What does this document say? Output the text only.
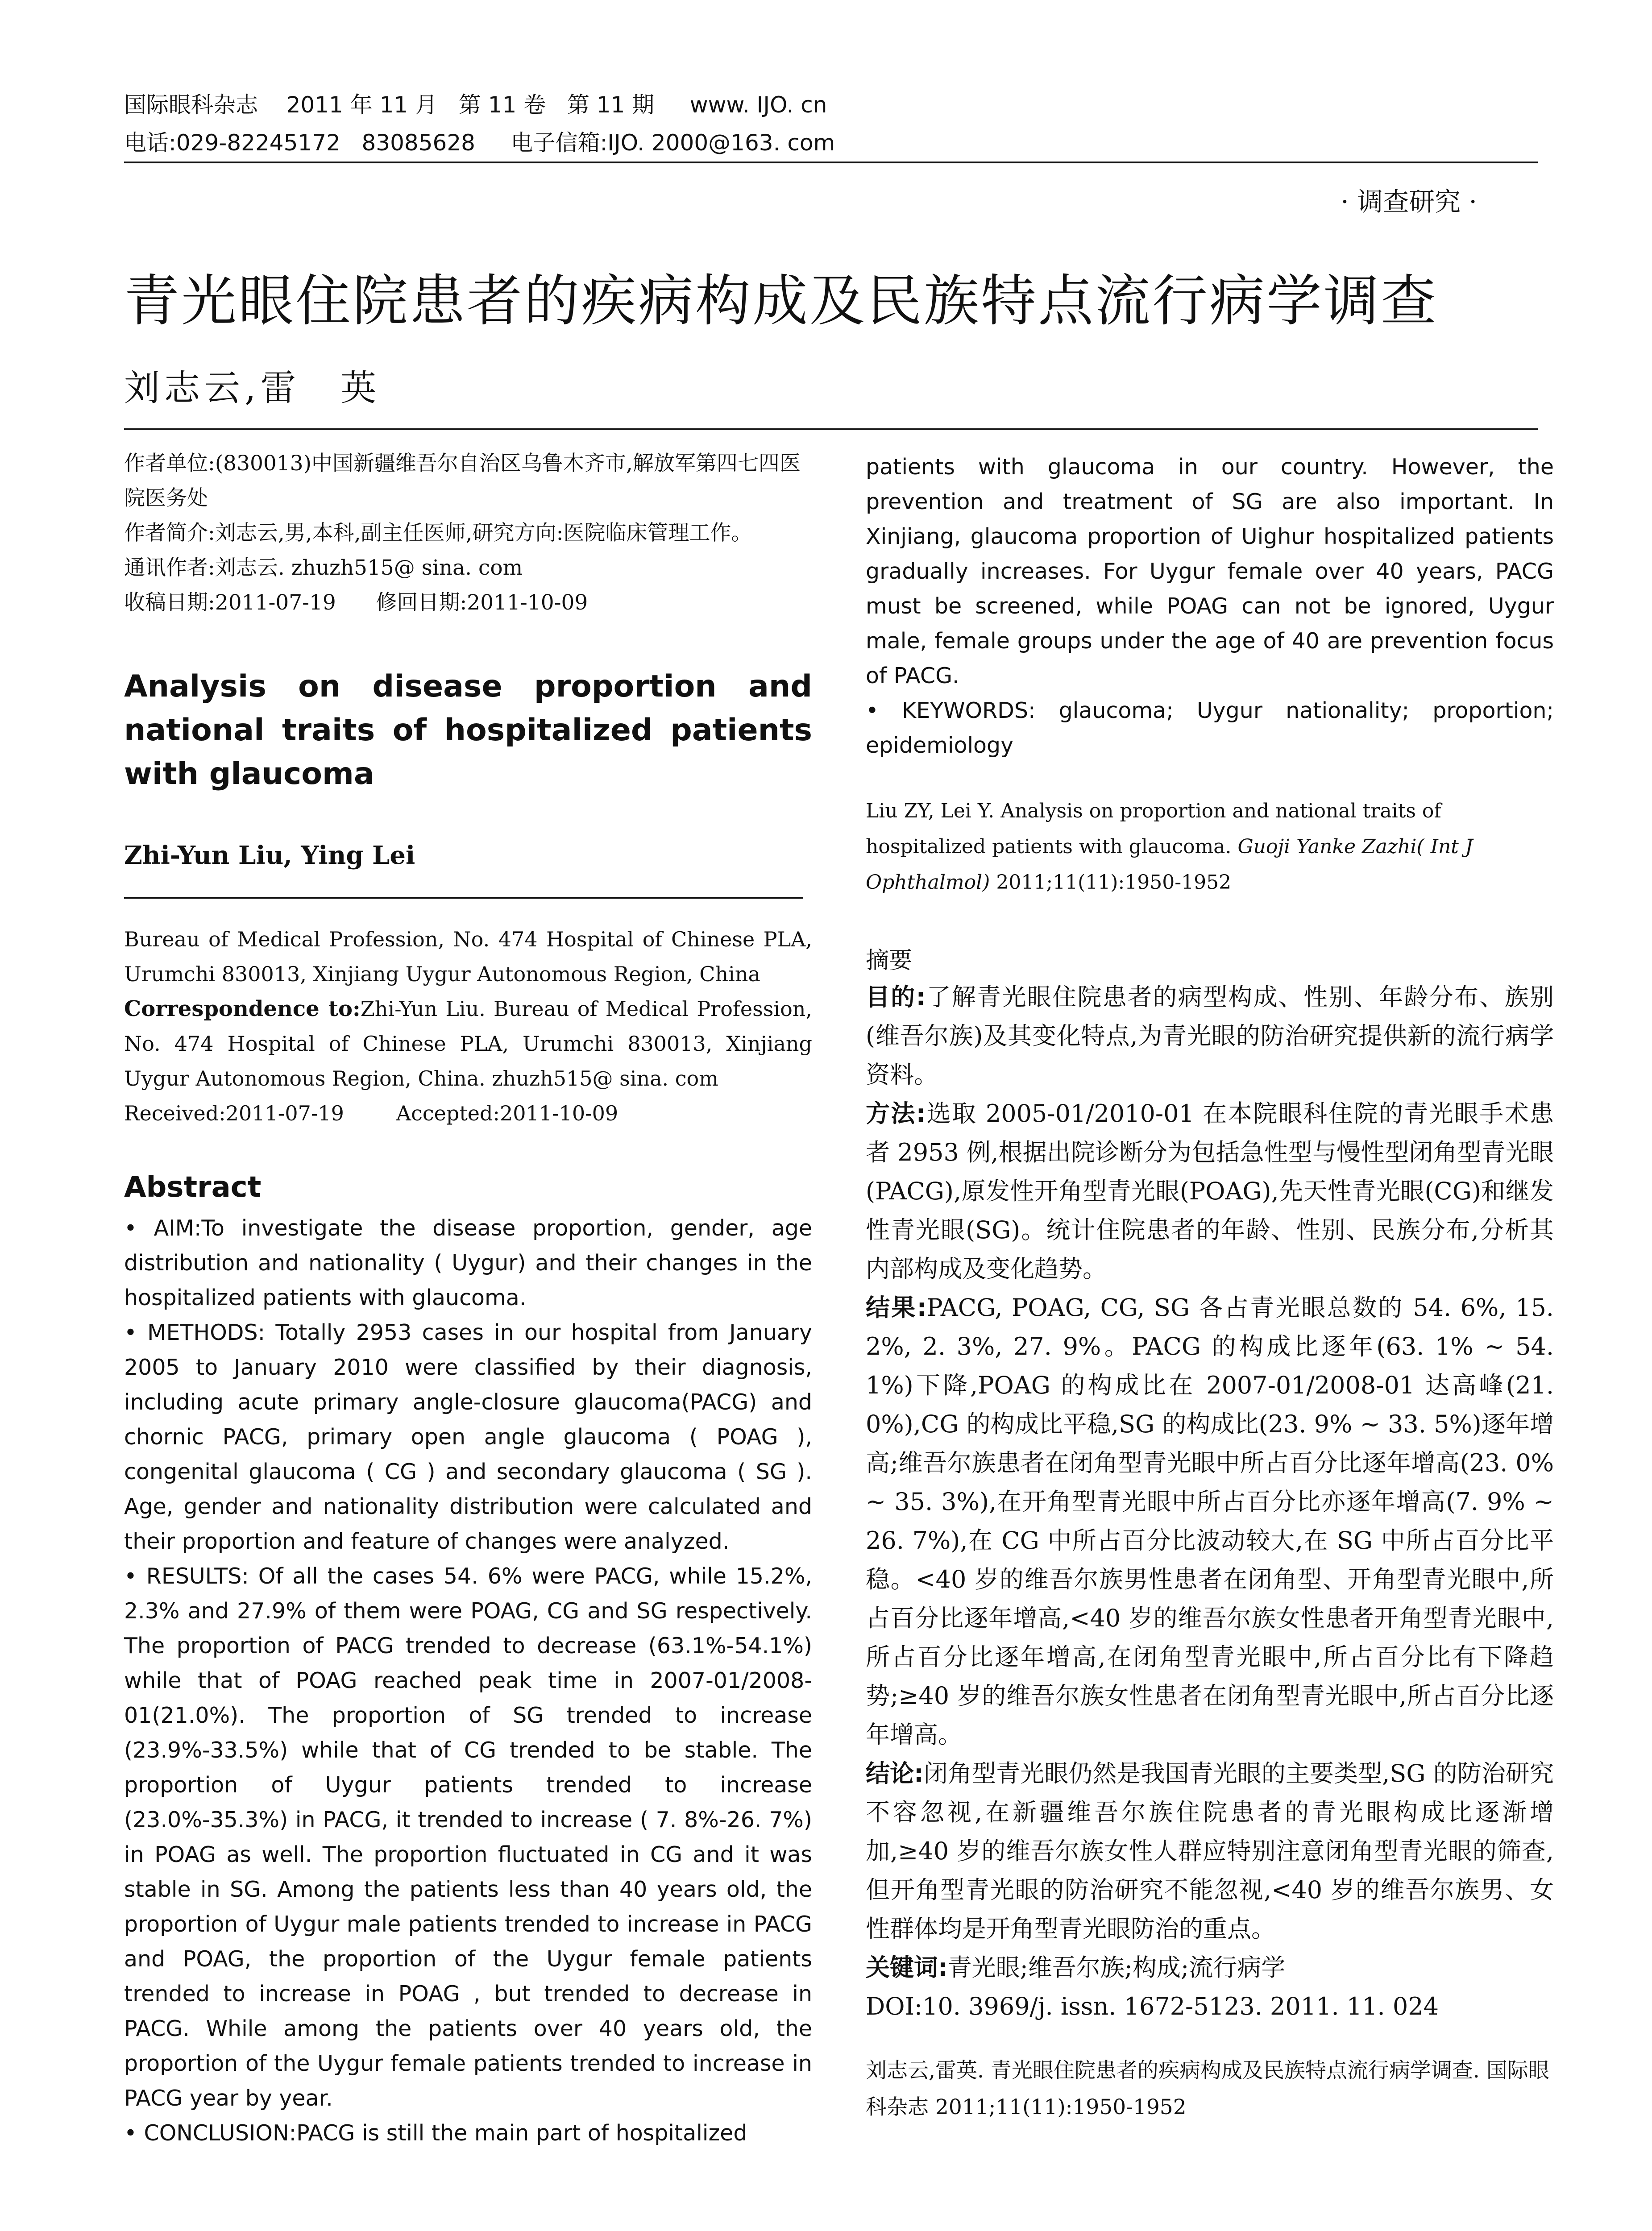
国际眼科杂志    2011 年 11 月   第 11 卷   第 11 期     www. IJO. cn
电话:029-82245172   83085628     电子信箱:IJO. 2000@163. com
· 调查研究 ·
青光眼住院患者的疾病构成及民族特点流行病学调查
刘志云,雷　英

作者单位:(830013)中国新疆维吾尔自治区乌鲁木齐市,解放军第四七四医院医务处

作者简介:刘志云,男,本科,副主任医师,研究方向:医院临床管理工作。

通讯作者:刘志云. zhuzh515@ sina. com

收稿日期:2011-07-19      修回日期:2011-10-09

Analysis on disease proportion and national traits of hospitalized patients with glaucoma
Zhi-Yun Liu, Ying Lei

Bureau of Medical Profession, No. 474 Hospital of Chinese PLA, Urumchi 830013, Xinjiang Uygur Autonomous Region, China

Correspondence to:Zhi-Yun Liu. Bureau of Medical Profession, No. 474 Hospital of Chinese PLA, Urumchi 830013, Xinjiang Uygur Autonomous Region, China. zhuzh515@ sina. com

Received:2011-07-19        Accepted:2011-10-09

Abstract

• AIM:To investigate the disease proportion, gender, age distribution and nationality ( Uygur) and their changes in the hospitalized patients with glaucoma.

• METHODS: Totally 2953 cases in our hospital from January 2005 to January 2010 were classified by their diagnosis, including acute primary angle-closure glaucoma(PACG) and chornic PACG, primary open angle glaucoma ( POAG ), congenital glaucoma ( CG ) and secondary glaucoma ( SG ). Age, gender and nationality distribution were calculated and their proportion and feature of changes were analyzed.

• RESULTS: Of all the cases 54. 6% were PACG, while 15.2%, 2.3% and 27.9% of them were POAG, CG and SG respectively. The proportion of PACG trended to decrease (63.1%-54.1%) while that of POAG reached peak time in 2007-01/2008-01(21.0%). The proportion of SG trended to increase (23.9%-33.5%) while that of CG trended to be stable. The proportion of Uygur patients trended to increase (23.0%-35.3%) in PACG, it trended to increase ( 7. 8%-26. 7%) in POAG as well. The proportion fluctuated in CG and it was stable in SG. Among the patients less than 40 years old, the proportion of Uygur male patients trended to increase in PACG and POAG, the proportion of the Uygur female patients trended to increase in POAG , but trended to decrease in PACG. While among the patients over 40 years old, the proportion of the Uygur female patients trended to increase in PACG year by year.

• CONCLUSION:PACG is still the main part of hospitalized

patients with glaucoma in our country. However, the prevention and treatment of SG are also important. In Xinjiang, glaucoma proportion of Uighur hospitalized patients gradually increases. For Uygur female over 40 years, PACG must be screened, while POAG can not be ignored, Uygur male, female groups under the age of 40 are prevention focus of PACG.

• KEYWORDS: glaucoma; Uygur nationality; proportion; epidemiology

Liu ZY, Lei Y. Analysis on proportion and national traits of hospitalized patients with glaucoma. Guoji Yanke Zazhi( Int J Ophthalmol) 2011;11(11):1950-1952
摘要

目的:了解青光眼住院患者的病型构成、性别、年龄分布、族别(维吾尔族)及其变化特点,为青光眼的防治研究提供新的流行病学资料。

方法:选取 2005-01/2010-01 在本院眼科住院的青光眼手术患者 2953 例,根据出院诊断分为包括急性型与慢性型闭角型青光眼(PACG),原发性开角型青光眼(POAG),先天性青光眼(CG)和继发性青光眼(SG)。统计住院患者的年龄、性别、民族分布,分析其内部构成及变化趋势。

结果:PACG, POAG, CG, SG 各占青光眼总数的 54. 6%, 15. 2%, 2. 3%, 27. 9%。PACG 的构成比逐年(63. 1% ~ 54. 1%)下降,POAG 的构成比在 2007-01/2008-01 达高峰(21. 0%),CG 的构成比平稳,SG 的构成比(23. 9% ~ 33. 5%)逐年增高;维吾尔族患者在闭角型青光眼中所占百分比逐年增高(23. 0% ~ 35. 3%),在开角型青光眼中所占百分比亦逐年增高(7. 9% ~ 26. 7%),在 CG 中所占百分比波动较大,在 SG 中所占百分比平稳。<40 岁的维吾尔族男性患者在闭角型、开角型青光眼中,所占百分比逐年增高,<40 岁的维吾尔族女性患者开角型青光眼中,所占百分比逐年增高,在闭角型青光眼中,所占百分比有下降趋势;≥40 岁的维吾尔族女性患者在闭角型青光眼中,所占百分比逐年增高。

结论:闭角型青光眼仍然是我国青光眼的主要类型,SG 的防治研究不容忽视,在新疆维吾尔族住院患者的青光眼构成比逐渐增加,≥40 岁的维吾尔族女性人群应特别注意闭角型青光眼的筛查,但开角型青光眼的防治研究不能忽视,<40 岁的维吾尔族男、女性群体均是开角型青光眼防治的重点。

关键词:青光眼;维吾尔族;构成;流行病学

DOI:10. 3969/j. issn. 1672-5123. 2011. 11. 024

刘志云,雷英. 青光眼住院患者的疾病构成及民族特点流行病学调查. 国际眼科杂志 2011;11(11):1950-1952
